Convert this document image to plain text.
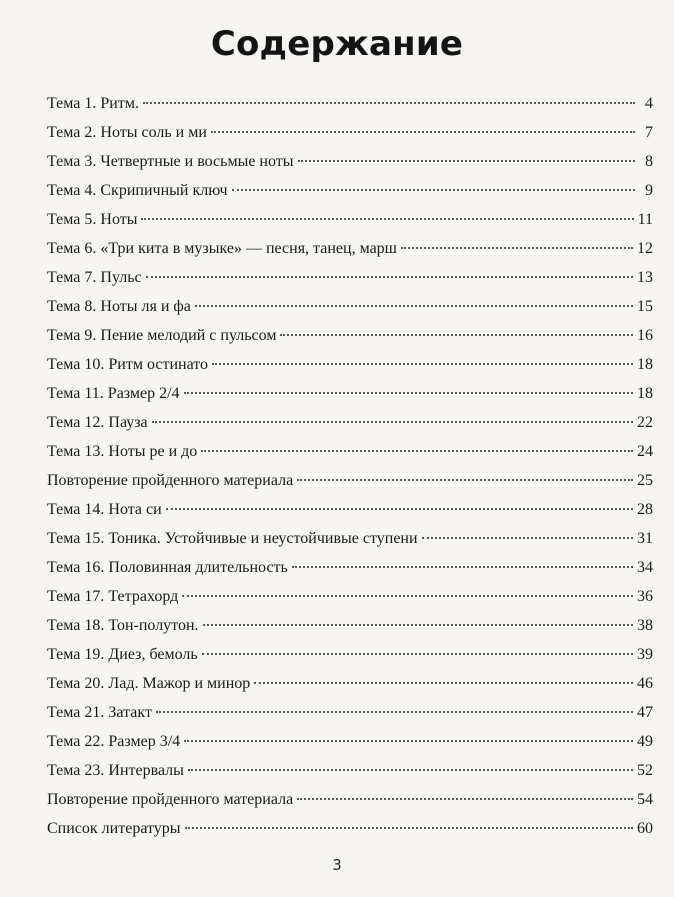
Содержание
Тема 1. Ритм.	4
Тема 2. Ноты соль и ми	7
Тема 3. Четвертные и восьмые ноты	8
Тема 4. Скрипичный ключ	9
Тема 5. Ноты	11
Тема 6. «Три кита в музыке» — песня, танец, марш	12
Тема 7. Пульс	13
Тема 8. Ноты ля и фа	15
Тема 9. Пение мелодий с пульсом	16
Тема 10. Ритм остинато	18
Тема 11. Размер 2/4	18
Тема 12. Пауза	22
Тема 13. Ноты ре и до	24
Повторение пройденного материала	25
Тема 14. Нота си	28
Тема 15. Тоника. Устойчивые и неустойчивые ступени	31
Тема 16. Половинная длительность	34
Тема 17. Тетрахорд	36
Тема 18. Тон-полутон.	38
Тема 19. Диез, бемоль	39
Тема 20. Лад. Мажор и минор	46
Тема 21. Затакт	47
Тема 22. Размер 3/4	49
Тема 23. Интервалы	52
Повторение пройденного материала	54
Список литературы	60
3
